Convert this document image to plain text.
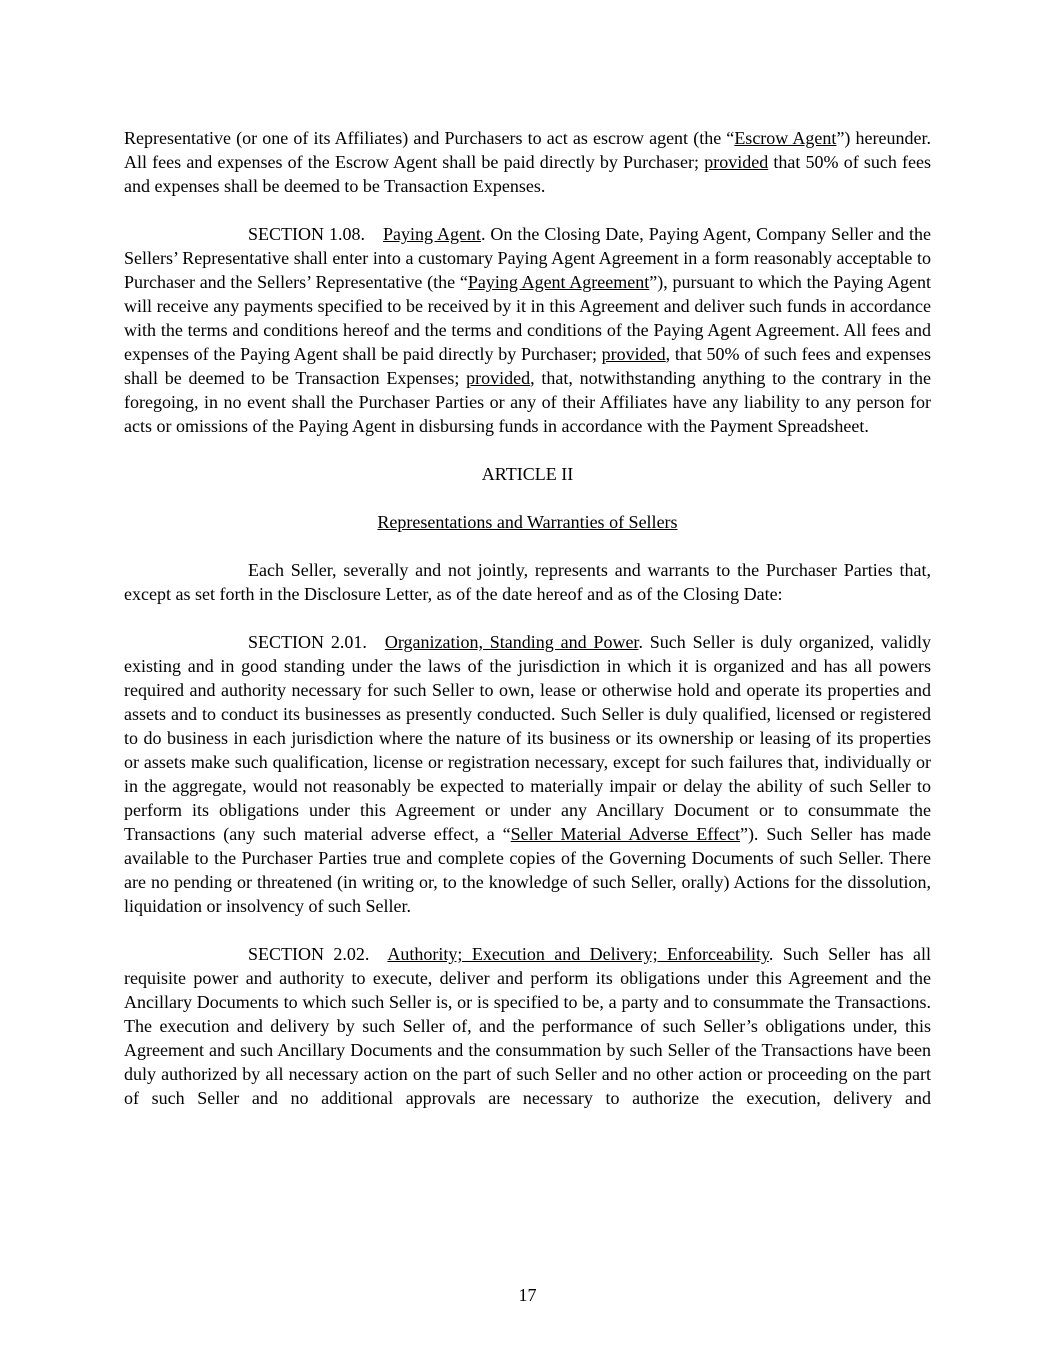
Representative (or one of its Affiliates) and Purchasers to act as escrow agent (the “Escrow Agent”) hereunder. All fees and expenses of the Escrow Agent shall be paid directly by Purchaser; provided that 50% of such fees and expenses shall be deemed to be Transaction Expenses.

SECTION 1.08. Paying Agent. On the Closing Date, Paying Agent, Company Seller and the Sellers’ Representative shall enter into a customary Paying Agent Agreement in a form reasonably acceptable to Purchaser and the Sellers’ Representative (the “Paying Agent Agreement”), pursuant to which the Paying Agent will receive any payments specified to be received by it in this Agreement and deliver such funds in accordance with the terms and conditions hereof and the terms and conditions of the Paying Agent Agreement. All fees and expenses of the Paying Agent shall be paid directly by Purchaser; provided, that 50% of such fees and expenses shall be deemed to be Transaction Expenses; provided, that, notwithstanding anything to the contrary in the foregoing, in no event shall the Purchaser Parties or any of their Affiliates have any liability to any person for acts or omissions of the Paying Agent in disbursing funds in accordance with the Payment Spreadsheet.

ARTICLE II

Representations and Warranties of Sellers

Each Seller, severally and not jointly, represents and warrants to the Purchaser Parties that, except as set forth in the Disclosure Letter, as of the date hereof and as of the Closing Date:

SECTION 2.01. Organization, Standing and Power. Such Seller is duly organized, validly existing and in good standing under the laws of the jurisdiction in which it is organized and has all powers required and authority necessary for such Seller to own, lease or otherwise hold and operate its properties and assets and to conduct its businesses as presently conducted. Such Seller is duly qualified, licensed or registered to do business in each jurisdiction where the nature of its business or its ownership or leasing of its properties or assets make such qualification, license or registration necessary, except for such failures that, individually or in the aggregate, would not reasonably be expected to materially impair or delay the ability of such Seller to perform its obligations under this Agreement or under any Ancillary Document or to consummate the Transactions (any such material adverse effect, a “Seller Material Adverse Effect”). Such Seller has made available to the Purchaser Parties true and complete copies of the Governing Documents of such Seller. There are no pending or threatened (in writing or, to the knowledge of such Seller, orally) Actions for the dissolution, liquidation or insolvency of such Seller.

SECTION 2.02. Authority; Execution and Delivery; Enforceability. Such Seller has all requisite power and authority to execute, deliver and perform its obligations under this Agreement and the Ancillary Documents to which such Seller is, or is specified to be, a party and to consummate the Transactions. The execution and delivery by such Seller of, and the performance of such Seller’s obligations under, this Agreement and such Ancillary Documents and the consummation by such Seller of the Transactions have been duly authorized by all necessary action on the part of such Seller and no other action or proceeding on the part of such Seller and no additional approvals are necessary to authorize the execution, delivery and

17
